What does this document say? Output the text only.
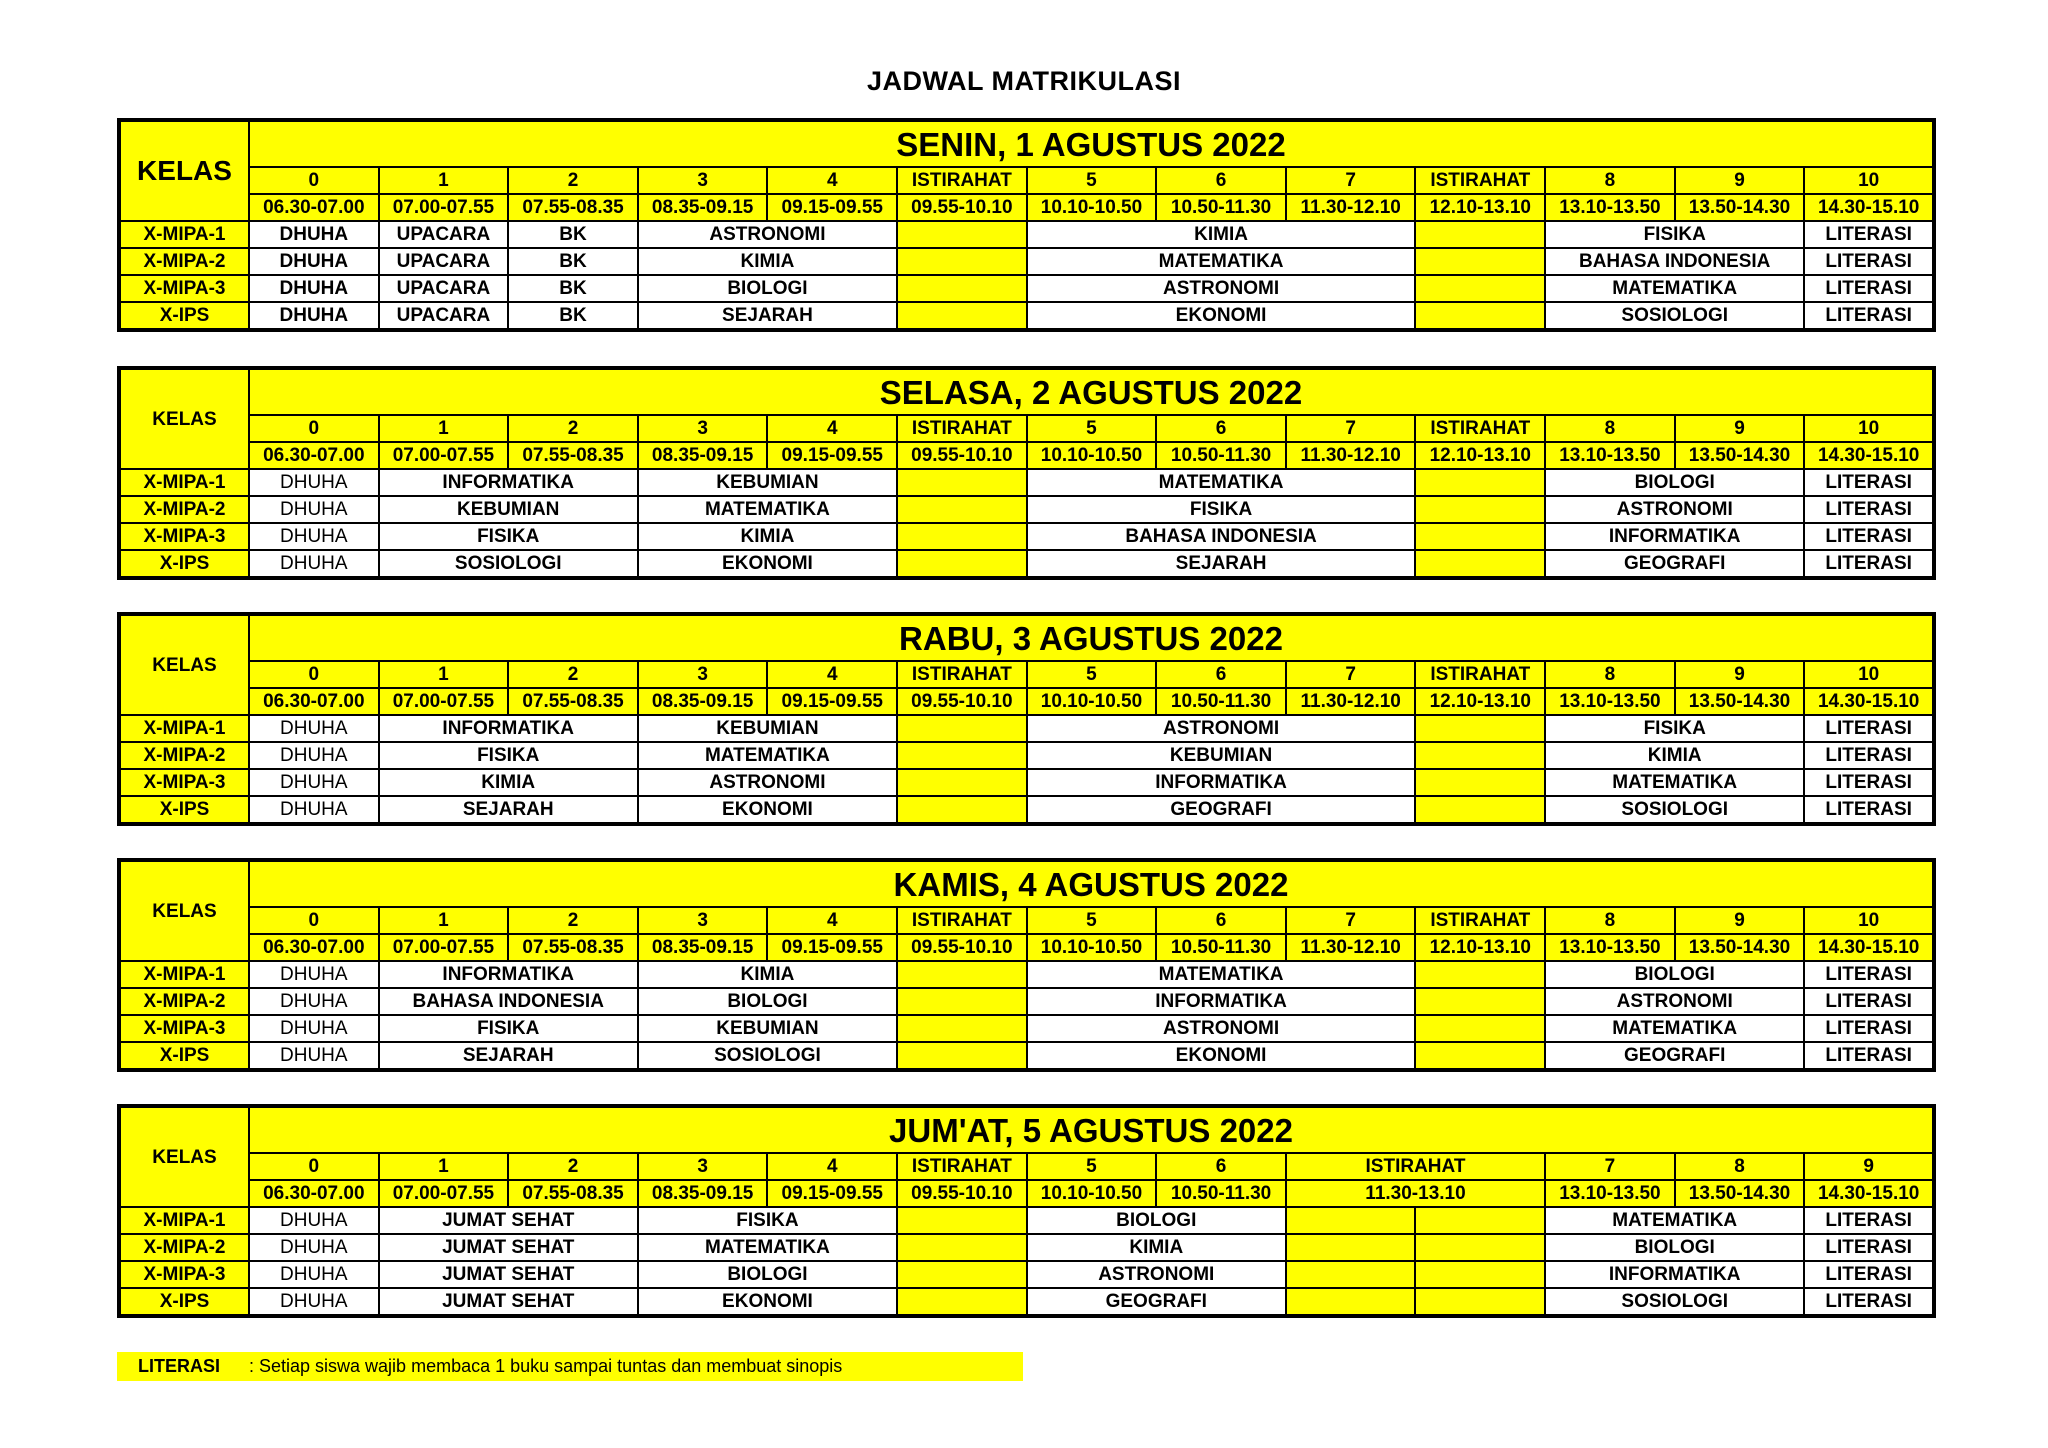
JADWAL MATRIKULASI
KELAS	SENIN, 1 AGUSTUS 2022												
	0	1	2	3	4	ISTIRAHAT	5	6	7	ISTIRAHAT	8	9	10
	06.30-07.00	07.00-07.55	07.55-08.35	08.35-09.15	09.15-09.55	09.55-10.10	10.10-10.50	10.50-11.30	11.30-12.10	12.10-13.10	13.10-13.50	13.50-14.30	14.30-15.10
X-MIPA-1	DHUHA	UPACARA	BK	ASTRONOMI			KIMIA				FISIKA		LITERASI
X-MIPA-2	DHUHA	UPACARA	BK	KIMIA			MATEMATIKA				BAHASA INDONESIA		LITERASI
X-MIPA-3	DHUHA	UPACARA	BK	BIOLOGI			ASTRONOMI				MATEMATIKA		LITERASI
X-IPS	DHUHA	UPACARA	BK	SEJARAH			EKONOMI				SOSIOLOGI		LITERASI
KELAS	SELASA, 2 AGUSTUS 2022												
	0	1	2	3	4	ISTIRAHAT	5	6	7	ISTIRAHAT	8	9	10
	06.30-07.00	07.00-07.55	07.55-08.35	08.35-09.15	09.15-09.55	09.55-10.10	10.10-10.50	10.50-11.30	11.30-12.10	12.10-13.10	13.10-13.50	13.50-14.30	14.30-15.10
X-MIPA-1	DHUHA	INFORMATIKA		KEBUMIAN			MATEMATIKA				BIOLOGI		LITERASI
X-MIPA-2	DHUHA	KEBUMIAN		MATEMATIKA			FISIKA				ASTRONOMI		LITERASI
X-MIPA-3	DHUHA	FISIKA		KIMIA			BAHASA INDONESIA				INFORMATIKA		LITERASI
X-IPS	DHUHA	SOSIOLOGI		EKONOMI			SEJARAH				GEOGRAFI		LITERASI
KELAS	RABU, 3 AGUSTUS 2022												
	0	1	2	3	4	ISTIRAHAT	5	6	7	ISTIRAHAT	8	9	10
	06.30-07.00	07.00-07.55	07.55-08.35	08.35-09.15	09.15-09.55	09.55-10.10	10.10-10.50	10.50-11.30	11.30-12.10	12.10-13.10	13.10-13.50	13.50-14.30	14.30-15.10
X-MIPA-1	DHUHA	INFORMATIKA		KEBUMIAN			ASTRONOMI				FISIKA		LITERASI
X-MIPA-2	DHUHA	FISIKA		MATEMATIKA			KEBUMIAN				KIMIA		LITERASI
X-MIPA-3	DHUHA	KIMIA		ASTRONOMI			INFORMATIKA				MATEMATIKA		LITERASI
X-IPS	DHUHA	SEJARAH		EKONOMI			GEOGRAFI				SOSIOLOGI		LITERASI
KELAS	KAMIS, 4 AGUSTUS 2022												
	0	1	2	3	4	ISTIRAHAT	5	6	7	ISTIRAHAT	8	9	10
	06.30-07.00	07.00-07.55	07.55-08.35	08.35-09.15	09.15-09.55	09.55-10.10	10.10-10.50	10.50-11.30	11.30-12.10	12.10-13.10	13.10-13.50	13.50-14.30	14.30-15.10
X-MIPA-1	DHUHA	INFORMATIKA		KIMIA			MATEMATIKA				BIOLOGI		LITERASI
X-MIPA-2	DHUHA	BAHASA INDONESIA		BIOLOGI			INFORMATIKA				ASTRONOMI		LITERASI
X-MIPA-3	DHUHA	FISIKA		KEBUMIAN			ASTRONOMI				MATEMATIKA		LITERASI
X-IPS	DHUHA	SEJARAH		SOSIOLOGI			EKONOMI				GEOGRAFI		LITERASI
KELAS	JUM'AT, 5 AGUSTUS 2022												
	0	1	2	3	4	ISTIRAHAT	5	6	ISTIRAHAT		7	8	9
	06.30-07.00	07.00-07.55	07.55-08.35	08.35-09.15	09.15-09.55	09.55-10.10	10.10-10.50	10.50-11.30	11.30-13.10		13.10-13.50	13.50-14.30	14.30-15.10
X-MIPA-1	DHUHA	JUMAT SEHAT		FISIKA			BIOLOGI				MATEMATIKA		LITERASI
X-MIPA-2	DHUHA	JUMAT SEHAT		MATEMATIKA			KIMIA				BIOLOGI		LITERASI
X-MIPA-3	DHUHA	JUMAT SEHAT		BIOLOGI			ASTRONOMI				INFORMATIKA		LITERASI
X-IPS	DHUHA	JUMAT SEHAT		EKONOMI			GEOGRAFI				SOSIOLOGI		LITERASI
LITERASI	: Setiap siswa wajib membaca 1 buku sampai tuntas dan membuat sinopis
